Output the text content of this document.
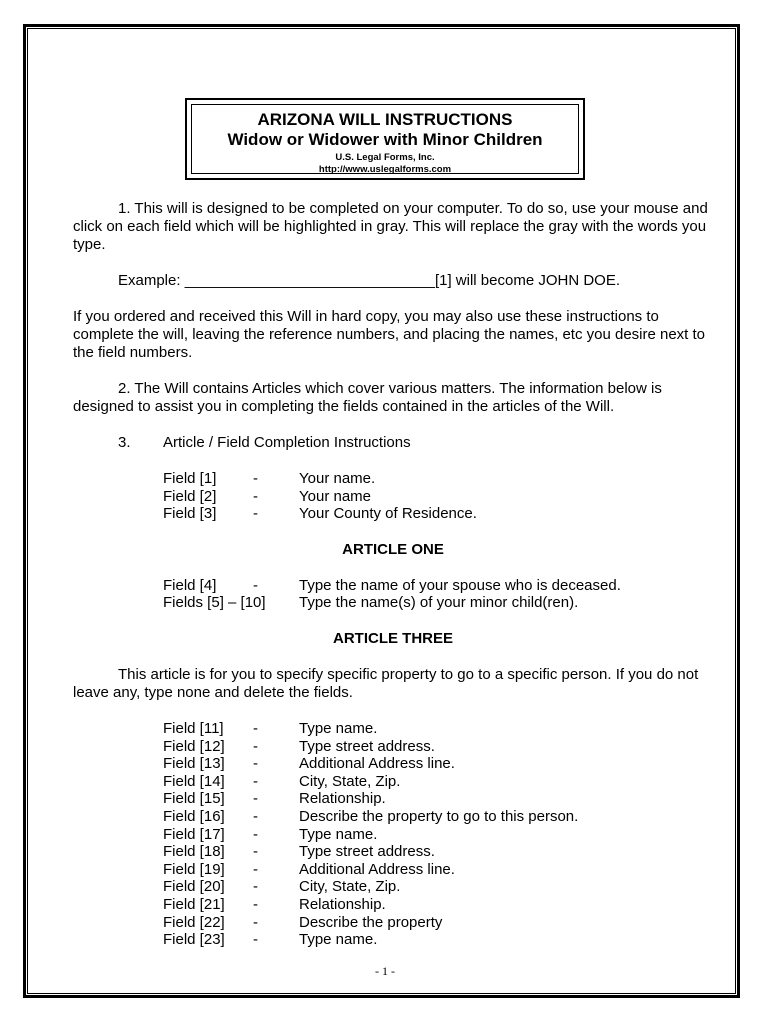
ARIZONA WILL INSTRUCTIONS
Widow or Widower with Minor Children
U.S. Legal Forms, Inc.
http://www.uslegalforms.com

1. This will is designed to be completed on your computer. To do so, use your mouse and click on each field which will be highlighted in gray. This will replace the gray with the words you type.

Example: ______________________________[1] will become JOHN DOE.

If you ordered and received this Will in hard copy, you may also use these instructions to complete the will, leaving the reference numbers, and placing the names, etc you desire next to the field numbers.

2. The Will contains Articles which cover various matters. The information below is designed to assist you in completing the fields contained in the articles of the Will.

3. Article / Field Completion Instructions

Field [1]	-	Your name.
Field [2]	-	Your name
Field [3]	-	Your County of Residence.

ARTICLE ONE

Field [4]	-	Type the name of your spouse who is deceased.
Fields [5] – [10]	Type the name(s) of your minor child(ren).

ARTICLE THREE

This article is for you to specify specific property to go to a specific person. If you do not leave any, type none and delete the fields.

Field [11]	-	Type name.
Field [12]	-	Type street address.
Field [13]	-	Additional Address line.
Field [14]	-	City, State, Zip.
Field [15]	-	Relationship.
Field [16]	-	Describe the property to go to this person.
Field [17]	-	Type name.
Field [18]	-	Type street address.
Field [19]	-	Additional Address line.
Field [20]	-	City, State, Zip.
Field [21]	-	Relationship.
Field [22]	-	Describe the property
Field [23]	-	Type name.
- 1 -
